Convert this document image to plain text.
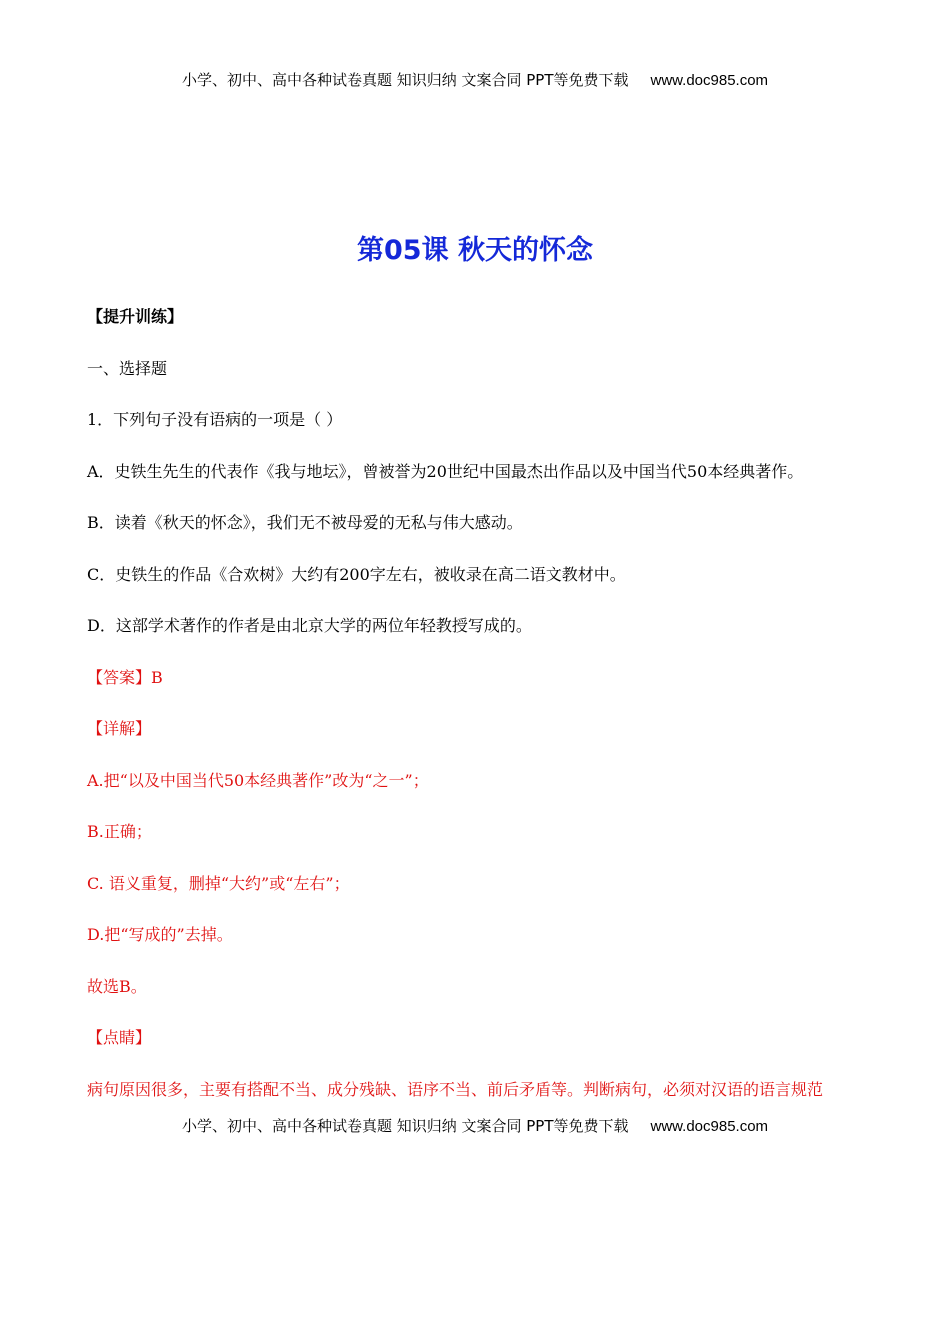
小学、初中、高中各种试卷真题 知识归纳 文案合同 PPT等免费下载 www.doc985.com
第05课 秋天的怀念
【提升训练】
一、选择题
1．下列句子没有语病的一项是（ ）
A．史铁生先生的代表作《我与地坛》，曾被誉为20世纪中国最杰出作品以及中国当代50本经典著作。
B．读着《秋天的怀念》，我们无不被母爱的无私与伟大感动。
C．史铁生的作品《合欢树》大约有200字左右，被收录在高二语文教材中。
D．这部学术著作的作者是由北京大学的两位年轻教授写成的。
【答案】B
【详解】
A.把“以及中国当代50本经典著作”改为“之一”；
B.正确；
C. 语义重复，删掉“大约”或“左右”；
D.把“写成的”去掉。
故选B。
【点睛】
病句原因很多，主要有搭配不当、成分残缺、语序不当、前后矛盾等。判断病句，必须对汉语的语言规范
小学、初中、高中各种试卷真题 知识归纳 文案合同 PPT等免费下载 www.doc985.com
